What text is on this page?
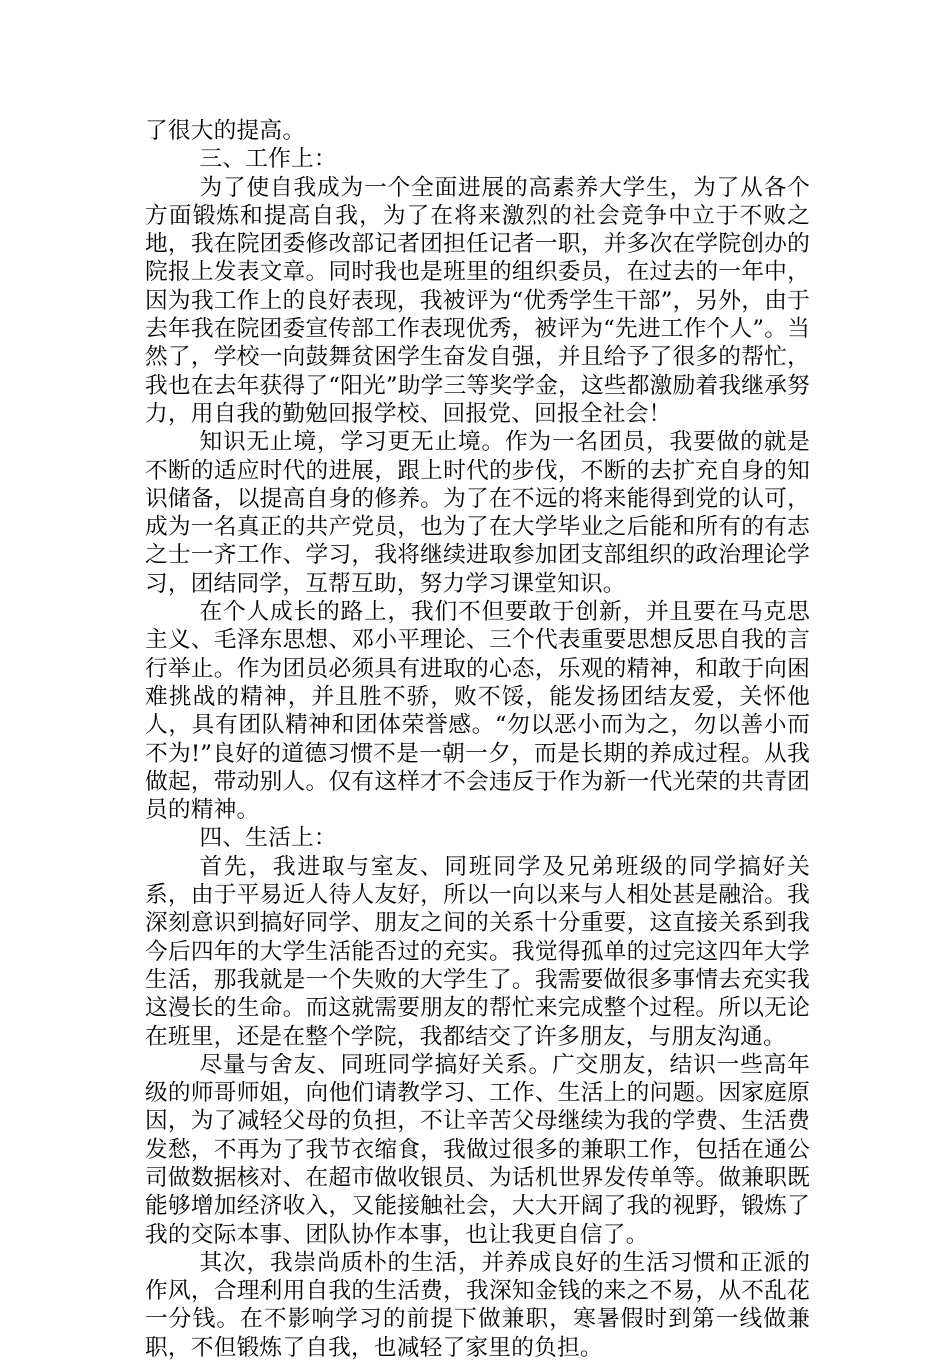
了很大的提高。

三、工作上：

为了使自我成为一个全面进展的高素养大学生，为了从各个方面锻炼和提高自我，为了在将来激烈的社会竞争中立于不败之地，我在院团委修改部记者团担任记者一职，并多次在学院创办的院报上发表文章。同时我也是班里的组织委员，在过去的一年中，因为我工作上的良好表现，我被评为“优秀学生干部”，另外，由于去年我在院团委宣传部工作表现优秀，被评为“先进工作个人”。当然了，学校一向鼓舞贫困学生奋发自强，并且给予了很多的帮忙，我也在去年获得了“阳光”助学三等奖学金，这些都激励着我继承努力，用自我的勤勉回报学校、回报党、回报全社会！

知识无止境，学习更无止境。作为一名团员，我要做的就是不断的适应时代的进展，跟上时代的步伐，不断的去扩充自身的知识储备，以提高自身的修养。为了在不远的将来能得到党的认可，成为一名真正的共产党员，也为了在大学毕业之后能和所有的有志之士一齐工作、学习，我将继续进取参加团支部组织的政治理论学习，团结同学，互帮互助，努力学习课堂知识。

在个人成长的路上，我们不但要敢于创新，并且要在马克思主义、毛泽东思想、邓小平理论、三个代表重要思想反思自我的言行举止。作为团员必须具有进取的心态，乐观的精神，和敢于向困难挑战的精神，并且胜不骄，败不馁，能发扬团结友爱，关怀他人，具有团队精神和团体荣誉感。“勿以恶小而为之，勿以善小而不为!”良好的道德习惯不是一朝一夕，而是长期的养成过程。从我做起，带动别人。仅有这样才不会违反于作为新一代光荣的共青团员的精神。

四、生活上：

首先，我进取与室友、同班同学及兄弟班级的同学搞好关系，由于平易近人待人友好，所以一向以来与人相处甚是融洽。我深刻意识到搞好同学、朋友之间的关系十分重要，这直接关系到我今后四年的大学生活能否过的充实。我觉得孤单的过完这四年大学生活，那我就是一个失败的大学生了。我需要做很多事情去充实我这漫长的生命。而这就需要朋友的帮忙来完成整个过程。所以无论在班里，还是在整个学院，我都结交了许多朋友，与朋友沟通。

尽量与舍友、同班同学搞好关系。广交朋友，结识一些高年级的师哥师姐，向他们请教学习、工作、生活上的问题。因家庭原因，为了减轻父母的负担，不让辛苦父母继续为我的学费、生活费发愁，不再为了我节衣缩食，我做过很多的兼职工作，包括在通公司做数据核对、在超市做收银员、为话机世界发传单等。做兼职既能够增加经济收入，又能接触社会，大大开阔了我的视野，锻炼了我的交际本事、团队协作本事，也让我更自信了。

其次，我崇尚质朴的生活，并养成良好的生活习惯和正派的作风，合理利用自我的生活费，我深知金钱的来之不易，从不乱花一分钱。在不影响学习的前提下做兼职，寒暑假时到第一线做兼职，不但锻炼了自我，也减轻了家里的负担。
